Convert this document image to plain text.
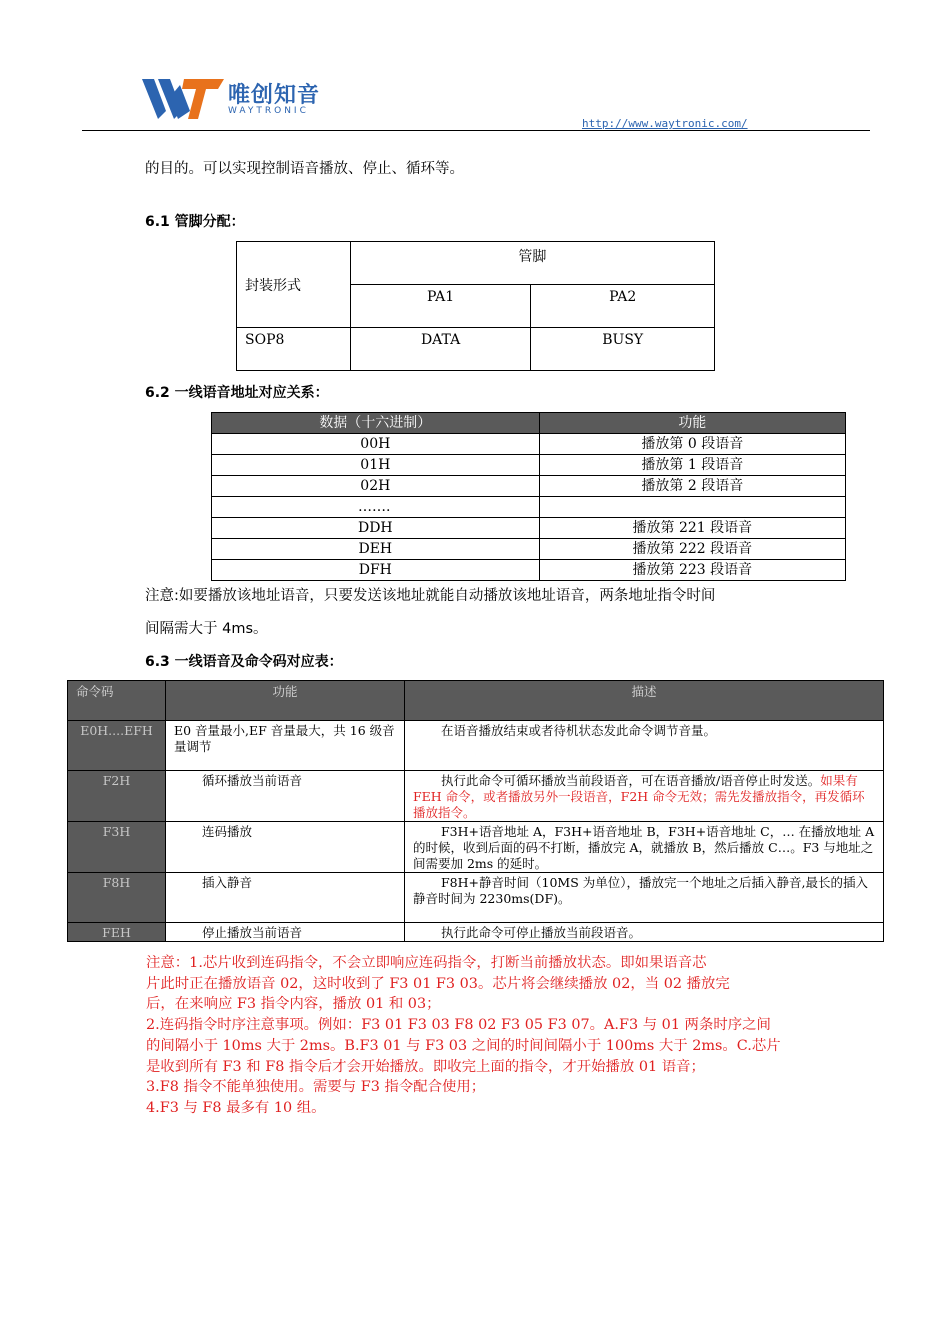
唯创知音
WAYTRONIC
http://www.waytronic.com/
的目的。可以实现控制语音播放、停止、循环等。
6.1 管脚分配：
封装形式	管脚	
	PA1	PA2
SOP8	DATA	BUSY
6.2 一线语音地址对应关系：
数据（十六进制）	功能
00H	播放第 0 段语音
01H	播放第 1 段语音
02H	播放第 2 段语音
…….	
DDH	播放第 221 段语音
DEH	播放第 222 段语音
DFH	播放第 223 段语音
注意:如要播放该地址语音，只要发送该地址就能自动播放该地址语音，两条地址指令时间
间隔需大于 4ms。
6.3 一线语音及命令码对应表：
命令码	功能	描述
E0H....EFH	E0 音量最小,EF 音量最大，共 16 级音量调节	在语音播放结束或者待机状态发此命令调节音量。
F2H	循环播放当前语音	执行此命令可循环播放当前段语音，可在语音播放/语音停止时发送。如果有 FEH 命令，或者播放另外一段语音，F2H 命令无效；需先发播放指令，再发循环播放指令。
F3H	连码播放	F3H+语音地址 A，F3H+语音地址 B，F3H+语音地址 C，… 在播放地址 A 的时候，收到后面的码不打断，播放完 A，就播放 B，然后播放 C…。F3 与地址之间需要加 2ms 的延时。
F8H	插入静音	F8H+静音时间（10MS 为单位），播放完一个地址之后插入静音,最长的插入静音时间为 2230ms(DF)。
FEH	停止播放当前语音	执行此命令可停止播放当前段语音。
注意：1.芯片收到连码指令，不会立即响应连码指令，打断当前播放状态。即如果语音芯
片此时正在播放语音 02，这时收到了 F3 01 F3 03。芯片将会继续播放 02，当 02 播放完
后，在来响应 F3 指令内容，播放 01 和 03；
2.连码指令时序注意事项。例如：F3 01 F3 03 F8 02 F3 05 F3 07。A.F3 与 01 两条时序之间
的间隔小于 10ms 大于 2ms。B.F3 01 与 F3 03 之间的时间间隔小于 100ms 大于 2ms。C.芯片
是收到所有 F3 和 F8 指令后才会开始播放。即收完上面的指令，才开始播放 01 语音；
3.F8 指令不能单独使用。需要与 F3 指令配合使用；
4.F3 与 F8 最多有 10 组。
